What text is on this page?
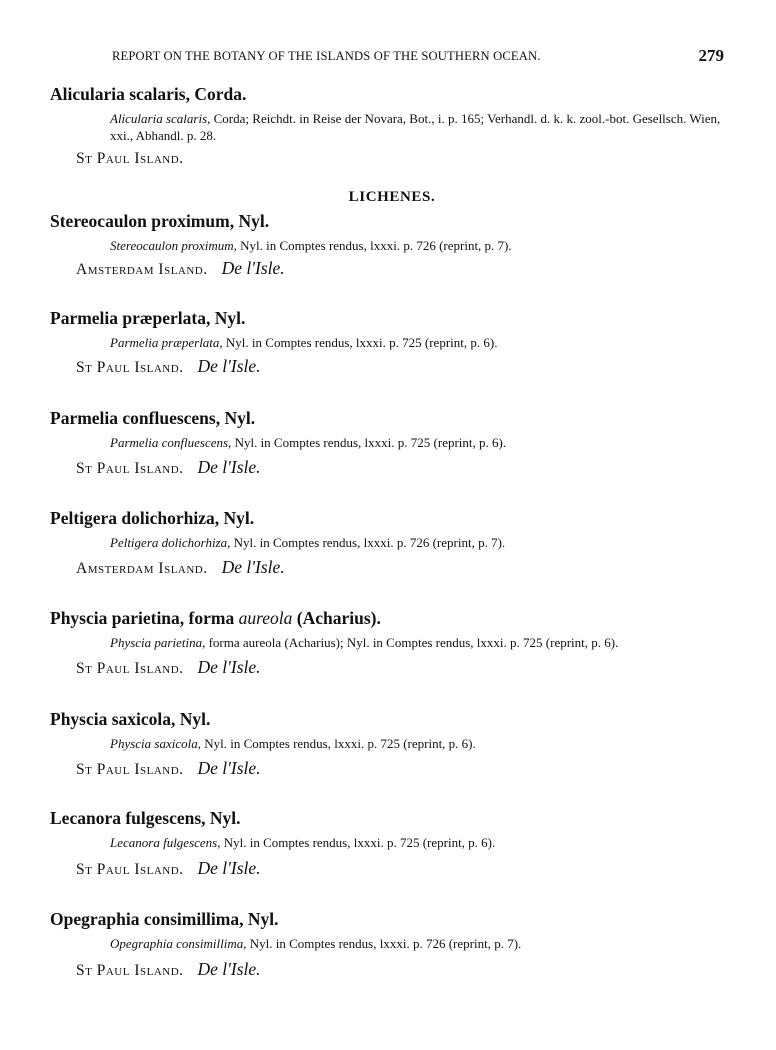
REPORT ON THE BOTANY OF THE ISLANDS OF THE SOUTHERN OCEAN.	279
Alicularia scalaris, Corda.
Alicularia scalaris, Corda; Reichdt. in Reise der Novara, Bot., i. p. 165; Verhandl. d. k. k. zool.-bot. Gesellsch. Wien, xxi., Abhandl. p. 28.
St Paul Island.
LICHENES.
Stereocaulon proximum, Nyl.
Stereocaulon proximum, Nyl. in Comptes rendus, lxxxi. p. 726 (reprint, p. 7).
Amsterdam Island. De l'Isle.
Parmelia præperlata, Nyl.
Parmelia præperlata, Nyl. in Comptes rendus, lxxxi. p. 725 (reprint, p. 6).
St Paul Island. De l'Isle.
Parmelia confluescens, Nyl.
Parmelia confluescens, Nyl. in Comptes rendus, lxxxi. p. 725 (reprint, p. 6).
St Paul Island. De l'Isle.
Peltigera dolichorhiza, Nyl.
Peltigera dolichorhiza, Nyl. in Comptes rendus, lxxxi. p. 726 (reprint, p. 7).
Amsterdam Island. De l'Isle.
Physcia parietina, forma aureola (Acharius).
Physcia parietina, forma aureola (Acharius); Nyl. in Comptes rendus, lxxxi. p. 725 (reprint, p. 6).
St Paul Island. De l'Isle.
Physcia saxicola, Nyl.
Physcia saxicola, Nyl. in Comptes rendus, lxxxi. p. 725 (reprint, p. 6).
St Paul Island. De l'Isle.
Lecanora fulgescens, Nyl.
Lecanora fulgescens, Nyl. in Comptes rendus, lxxxi. p. 725 (reprint, p. 6).
St Paul Island. De l'Isle.
Opegraphia consimillima, Nyl.
Opegraphia consimillima, Nyl. in Comptes rendus, lxxxi. p. 726 (reprint, p. 7).
St Paul Island. De l'Isle.
